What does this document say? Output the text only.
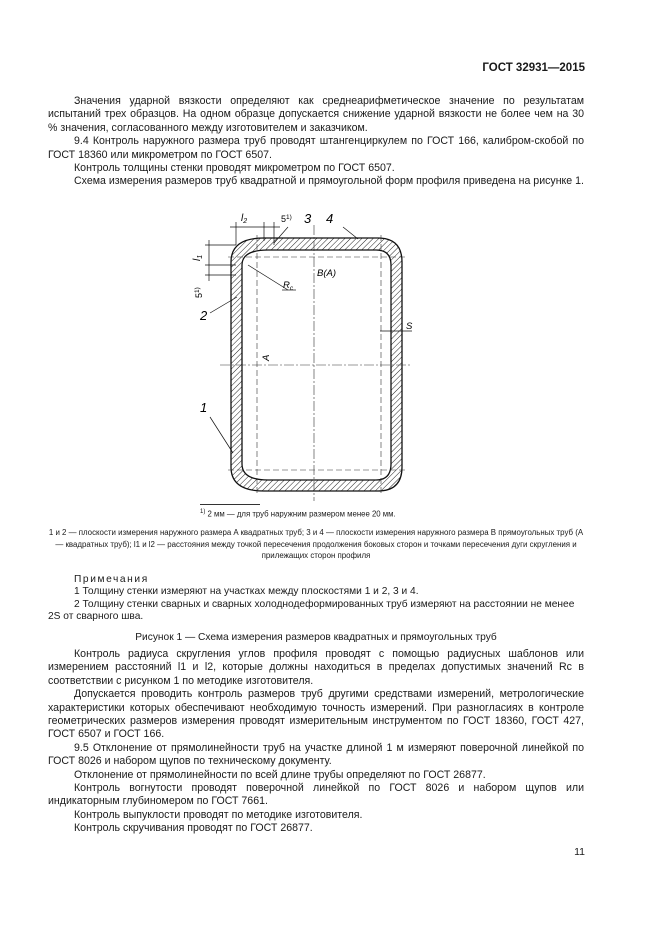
ГОСТ 32931—2015

Значения ударной вязкости определяют как среднеарифметическое значение по результатам испытаний трех образцов. На одном образце допускается снижение ударной вязкости не более чем на 30 % значения, согласованного между изготовителем и заказчиком.

9.4 Контроль наружного размера труб проводят штангенциркулем по ГОСТ 166, калибром-скобой по ГОСТ 18360 или микрометром по ГОСТ 6507.

Контроль толщины стенки проводят микрометром по ГОСТ 6507.

Схема измерения размеров труб квадратной и прямоугольной форм профиля приведена на рисунке 1.

$l_2$	5$^{1)}$ 3 4
$l_1$
5$^{1)}$
2
1
B(A)
$R_c$
A
S
$^{1)}$ 2 мм — для труб наружним размером менее 20 мм.
1 и 2 — плоскости измерения наружного размера A квадратных труб; 3 и 4 — плоскости измерения наружного размера B прямоугольных труб (A — квадратных труб); l1 и l2 — расстояния между точкой пересечения продолжения боковых сторон и точками пересечения дуги скругления и прилежащих сторон профиля
Примечания
1 Толщину стенки измеряют на участках между плоскостями 1 и 2, 3 и 4.
2 Толщину стенки сварных и сварных холоднодеформированных труб измеряют на расстоянии не менее 2S от сварного шва.
Рисунок 1 — Схема измерения размеров квадратных и прямоугольных труб

Контроль радиуса скругления углов профиля проводят с помощью радиусных шаблонов или измерением расстояний l1 и l2, которые должны находиться в пределах допустимых значений Rc в соответствии с рисунком 1 по методике изготовителя.

Допускается проводить контроль размеров труб другими средствами измерений, метрологические характеристики которых обеспечивают необходимую точность измерений. При разногласиях в контроле геометрических размеров измерения проводят измерительным инструментом по ГОСТ 18360, ГОСТ 427, ГОСТ 6507 и ГОСТ 166.

9.5 Отклонение от прямолинейности труб на участке длиной 1 м измеряют поверочной линейкой по ГОСТ 8026 и набором щупов по техническому документу.

Отклонение от прямолинейности по всей длине трубы определяют по ГОСТ 26877.

Контроль вогнутости проводят поверочной линейкой по ГОСТ 8026 и набором щупов или индикаторным глубиномером по ГОСТ 7661.

Контроль выпуклости проводят по методике изготовителя.

Контроль скручивания проводят по ГОСТ 26877.

11
